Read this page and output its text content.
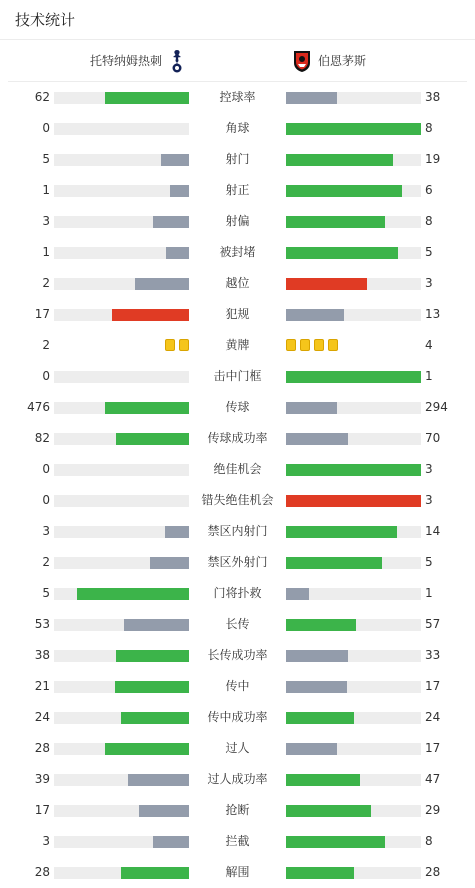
技术统计
托特纳姆热刺	伯恩茅斯
62	控球率	38
0	角球	8
5	射门	19
1	射正	6
3	射偏	8
1	被封堵	5
2	越位	3
17	犯规	13
2	黄牌	4
0	击中门框	1
476	传球	294
82	传球成功率	70
0	绝佳机会	3
0	错失绝佳机会	3
3	禁区内射门	14
2	禁区外射门	5
5	门将扑救	1
53	长传	57
38	长传成功率	33
21	传中	17
24	传中成功率	24
28	过人	17
39	过人成功率	47
17	抢断	29
3	拦截	8
28	解围	28
